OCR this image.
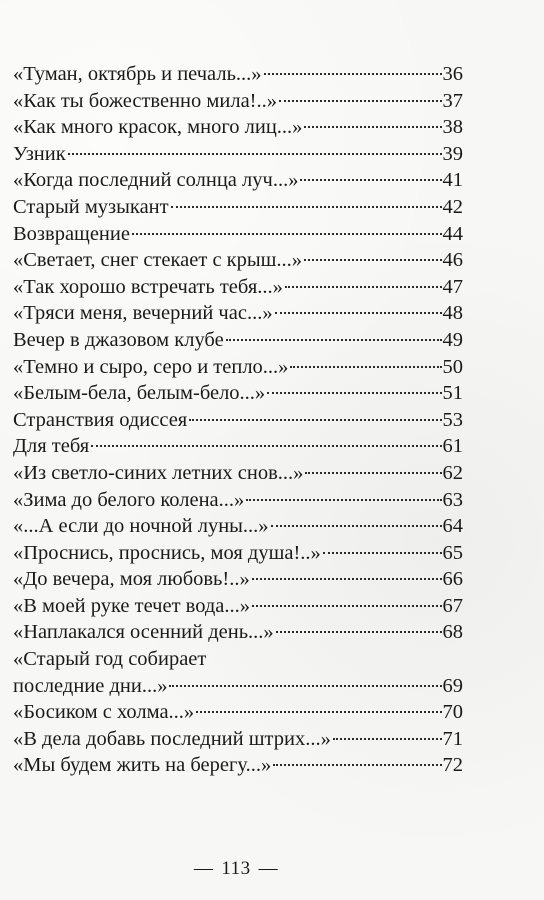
«Туман, октябрь и печаль...»	36
«Как ты божественно мила!..»	37
«Как много красок, много лиц...»	38
Узник	39
«Когда последний солнца луч...»	41
Старый музыкант	42
Возвращение	44
«Светает, снег стекает с крыш...»	46
«Так хорошо встречать тебя...»	47
«Тряси меня, вечерний час...»	48
Вечер в джазовом клубе	49
«Темно и сыро, серо и тепло...»	50
«Белым-бела, белым-бело...»	51
Странствия одиссея	53
Для тебя	61
«Из светло-синих летних снов...»	62
«Зима до белого колена...»	63
«...А если до ночной луны...»	64
«Проснись, проснись, моя душа!..»	65
«До вечера, моя любовь!..»	66
«В моей руке течет вода...»	67
«Наплакался осенний день...»	68
«Старый год собирает
последние дни...»	69
«Босиком с холма...»	70
«В дела добавь последний штрих...»	71
«Мы будем жить на берегу...»	72
— 113 —
